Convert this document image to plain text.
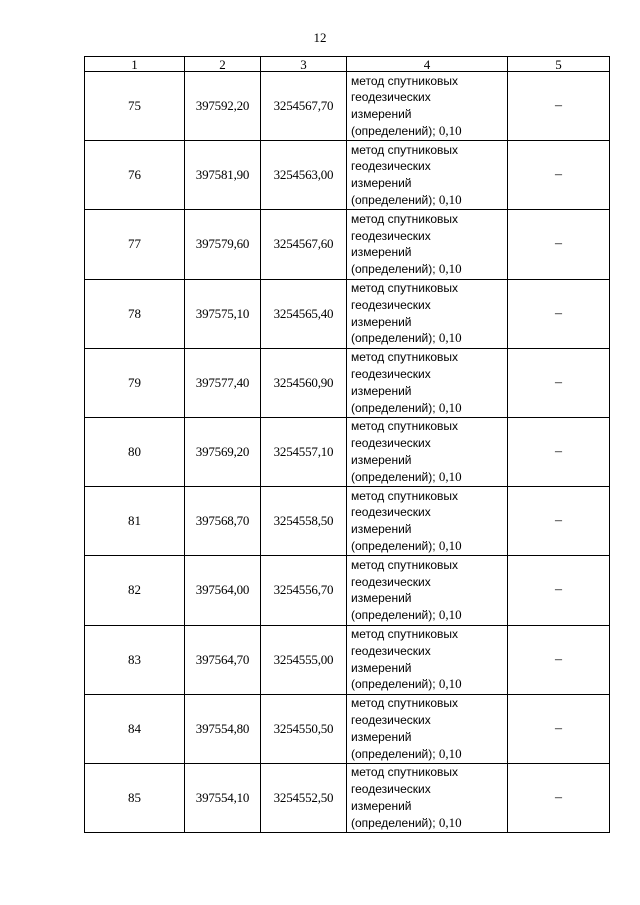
12
1	2	3	4	5
75	397592,20	3254567,70	метод спутниковых
геодезических
измерений
(определений); 0,10	–
76	397581,90	3254563,00	метод спутниковых
геодезических
измерений
(определений); 0,10	–
77	397579,60	3254567,60	метод спутниковых
геодезических
измерений
(определений); 0,10	–
78	397575,10	3254565,40	метод спутниковых
геодезических
измерений
(определений); 0,10	–
79	397577,40	3254560,90	метод спутниковых
геодезических
измерений
(определений); 0,10	–
80	397569,20	3254557,10	метод спутниковых
геодезических
измерений
(определений); 0,10	–
81	397568,70	3254558,50	метод спутниковых
геодезических
измерений
(определений); 0,10	–
82	397564,00	3254556,70	метод спутниковых
геодезических
измерений
(определений); 0,10	–
83	397564,70	3254555,00	метод спутниковых
геодезических
измерений
(определений); 0,10	–
84	397554,80	3254550,50	метод спутниковых
геодезических
измерений
(определений); 0,10	–
85	397554,10	3254552,50	метод спутниковых
геодезических
измерений
(определений); 0,10	–
